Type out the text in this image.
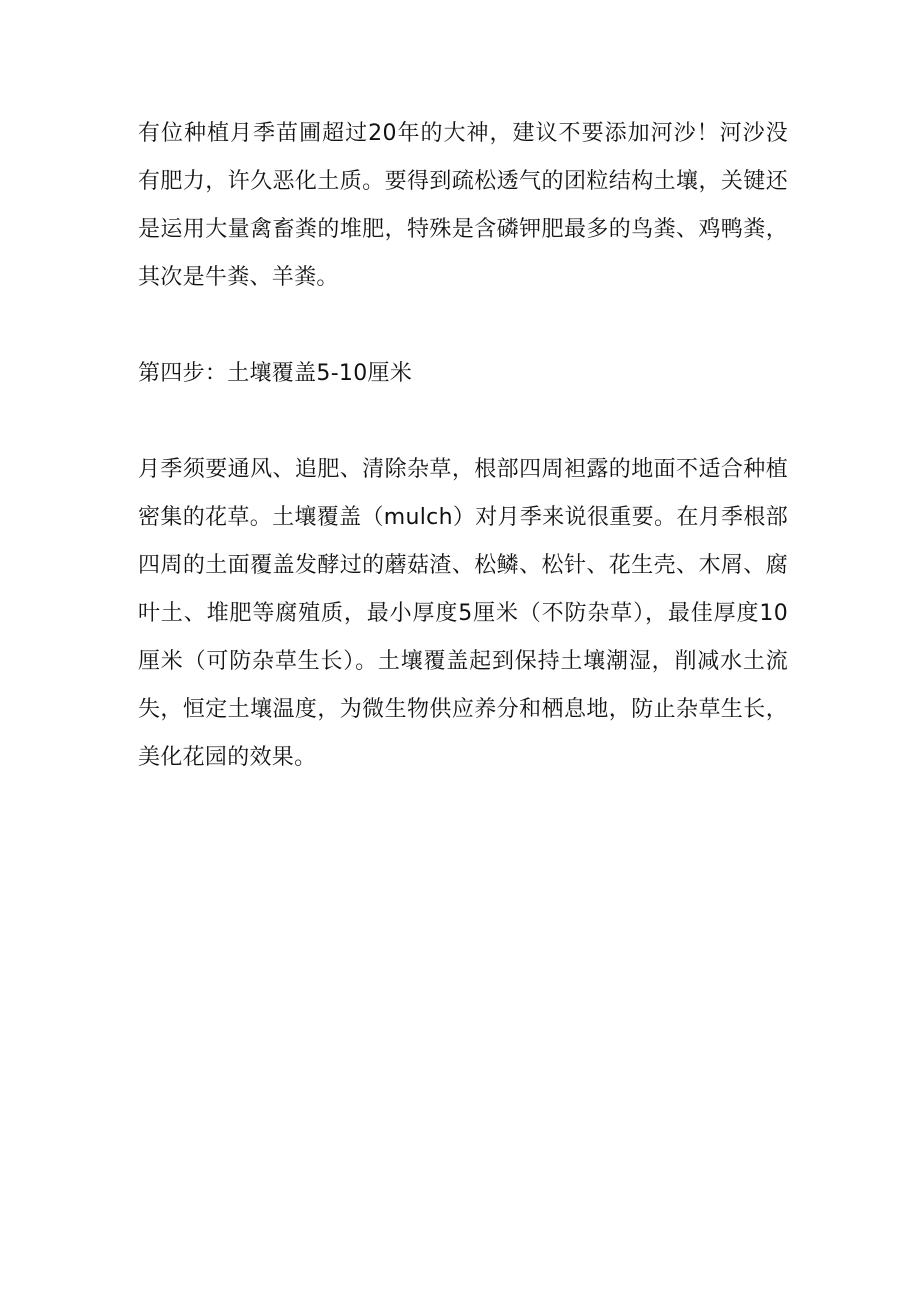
有位种植月季苗圃超过20年的大神，建议不要添加河沙！河沙没有肥力，许久恶化土质。要得到疏松透气的团粒结构土壤，关键还是运用大量禽畜粪的堆肥，特殊是含磷钾肥最多的鸟粪、鸡鸭粪，其次是牛粪、羊粪。

第四步：土壤覆盖5-10厘米

月季须要通风、追肥、清除杂草，根部四周袒露的地面不适合种植密集的花草。土壤覆盖（mulch）对月季来说很重要。在月季根部四周的土面覆盖发酵过的蘑菇渣、松鳞、松针、花生壳、木屑、腐叶土、堆肥等腐殖质，最小厚度5厘米（不防杂草），最佳厚度10厘米（可防杂草生长）。土壤覆盖起到保持土壤潮湿，削减水土流失，恒定土壤温度，为微生物供应养分和栖息地，防止杂草生长，美化花园的效果。
